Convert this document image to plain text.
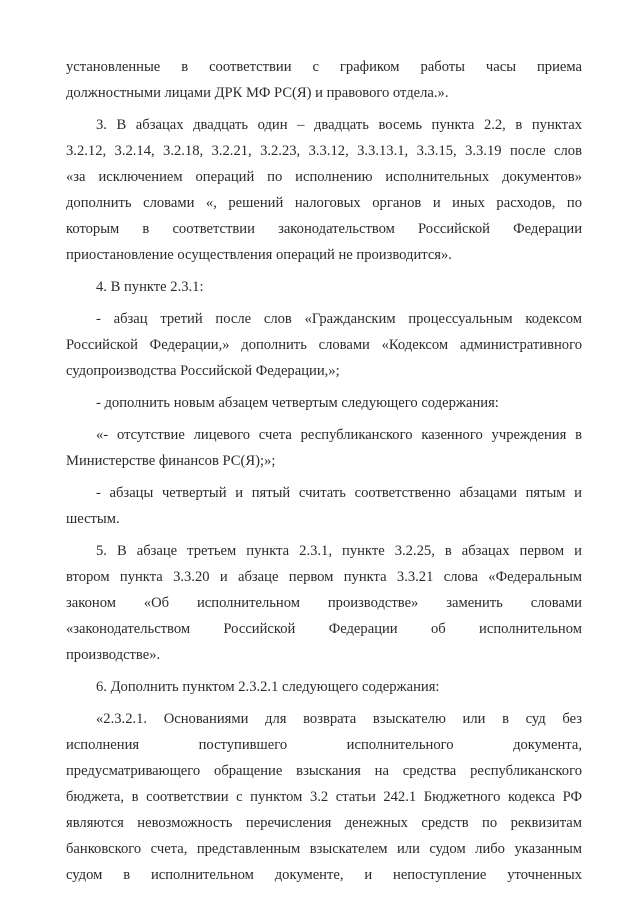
установленные в соответствии с графиком работы часы приема
должностными лицами ДРК МФ РС(Я) и правового отдела.».
3. В абзацах двадцать один – двадцать восемь пункта 2.2, в пунктах
3.2.12, 3.2.14, 3.2.18, 3.2.21, 3.2.23, 3.3.12, 3.3.13.1, 3.3.15, 3.3.19 после слов
«за исключением операций по исполнению исполнительных документов»
дополнить словами «, решений налоговых органов и иных расходов, по
которым в соответствии законодательством Российской Федерации
приостановление осуществления операций не производится».
4. В пункте 2.3.1:
- абзац третий после слов «Гражданским процессуальным кодексом
Российской Федерации,» дополнить словами «Кодексом административного
судопроизводства Российской Федерации,»;
- дополнить новым абзацем четвертым следующего содержания:
«- отсутствие лицевого счета республиканского казенного учреждения в
Министерстве финансов РС(Я);»;
- абзацы четвертый и пятый считать соответственно абзацами пятым и
шестым.
5. В абзаце третьем пункта 2.3.1, пункте 3.2.25, в абзацах первом и
втором пункта 3.3.20 и абзаце первом пункта 3.3.21 слова «Федеральным
законом «Об исполнительном производстве» заменить словами
«законодательством Российской Федерации об исполнительном
производстве».
6. Дополнить пунктом 2.3.2.1 следующего содержания:
«2.3.2.1. Основаниями для возврата взыскателю или в суд без
исполнения поступившего исполнительного документа,
предусматривающего обращение взыскания на средства республиканского
бюджета, в соответствии с пунктом 3.2 статьи 242.1 Бюджетного кодекса РФ
являются невозможность перечисления денежных средств по реквизитам
банковского счета, представленным взыскателем или судом либо указанным
судом в исполнительном документе, и непоступление уточненных
